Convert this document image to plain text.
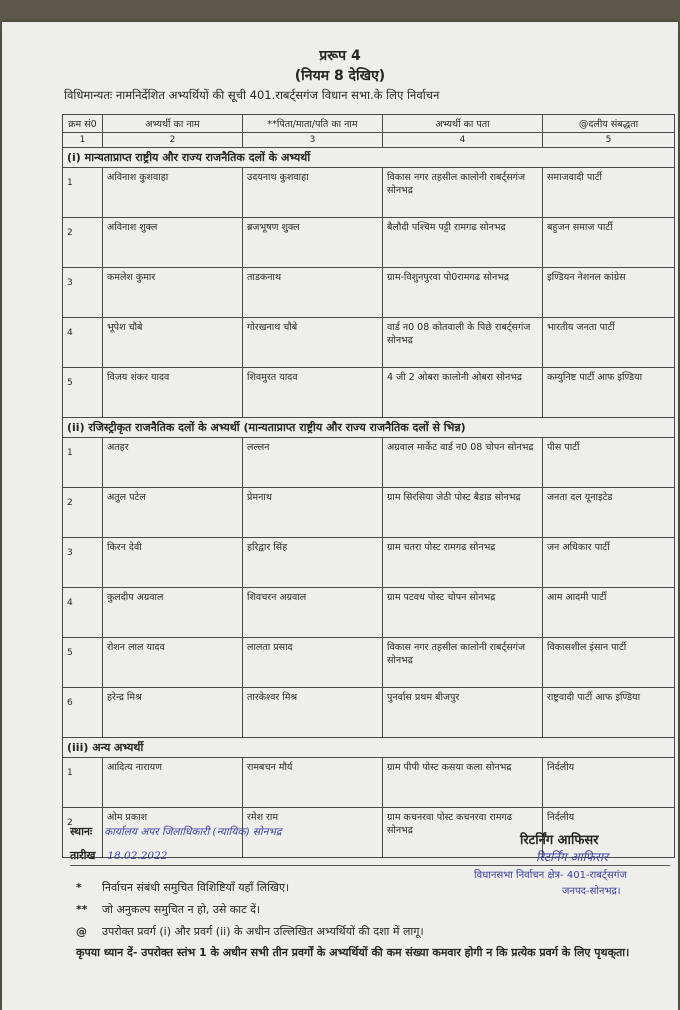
प्ररूप 4
(नियम 8 देखिए)
विधिमान्यतः नामनिर्देशित अभ्यर्थियों की सूची 401.राबर्ट्सगंज विधान सभा.के लिए निर्वाचन
क्रम सं0	अभ्यर्थी का नाम	**पिता/माता/पति का नाम	अभ्यर्थी का पता	@दलीय संबद्धता
1	2	3	4	5
(i) मान्यताप्राप्त राष्ट्रीय और राज्य राजनैतिक दलों के अभ्यर्थी				
1	अविनाश कुशवाहा	उदयनाथ कुशवाहा	विकास नगर तहसील कालोनी राबर्ट्सगंज सोनभद्र	समाजवादी पार्टी
2	अविनाश शुक्ल	ब्रजभूषण शुक्ल	बैलौदी पश्चिम पट्टी रामगढ सोनभद्र	बहुजन समाज पार्टी
3	कमलेश कुमार	ताडकनाथ	ग्राम-विशुनपुरवा पो0रामगढ सोनभद्र	इण्डियन नेशनल कांग्रेस
4	भूपेश चौबे	गोरखनाथ चौबे	वार्ड न0 08 कोतवाली के पिछे राबर्ट्सगंज सोनभद्र	भारतीय जनता पार्टी
5	विजय शंकर यादव	शिवमुरत यादव	4 जी 2 ओबरा कालोनी ओबरा सोनभद्र	कम्युनिष्ट पार्टी आफ इण्डिया
(ii) रजिस्ट्रीकृत राजनैतिक दलों के अभ्यर्थी (मान्यताप्राप्त राष्ट्रीय और राज्य राजनैतिक दलों से भिन्न)				
1	अतहर	लल्लन	अग्रवाल मार्केट वार्ड न0 08 चोपन सोनभद्र	पीस पार्टी
2	अतुल पटेल	प्रेमनाथ	ग्राम सिरसिया जेठी पोस्ट बैडाड सोनभद्र	जनता दल यूनाइटेड
3	किरन देवी	हरिद्वार सिंह	ग्राम चतरा पोस्ट रामगढ सोनभद्र	जन अधिकार पार्टी
4	कुलदीप अग्रवाल	शिवचरन अग्रवाल	ग्राम पटवध पोस्ट चोपन सोनभद्र	आम आदमी पार्टी
5	रोशन लाल यादव	लालता प्रसाद	विकास नगर तहसील कालोनी राबर्ट्सगंज सोनभद्र	विकासशील इंसान पार्टी
6	हरेन्द्र मिश्र	तारकेश्वर मिश्र	पुनर्वास प्रथम बीजपुर	राष्ट्रवादी पार्टी आफ इण्डिया
(iii) अन्य अभ्यर्थी				
1	आदित्य नारायण	रामबचन मौर्य	ग्राम पीपी पोस्ट कसया कला सोनभद्र	निर्दलीय
2	ओम प्रकाश	रमेश राम	ग्राम कचनरवा पोस्ट कचनरवा रामगढ सोनभद्र	निर्दलीय
स्थानः कार्यालय अपर जिलाधिकारी (न्यायिक) सोनभद्र
तारीख 18.02.2022
रिटर्निंग आफिसर
रिटर्निंग आफिसर
विधानसभा निर्वाचन क्षेत्र- 401-राबर्ट्सगंज
जनपद-सोनभद्र।
* निर्वाचन संबंधी समुचित विशिष्टियॉं यहॉं लिखिए।
** जो अनुकल्प समुचित न हो, उसे काट दें।
@ उपरोक्त प्रवर्ग (i) और प्रवर्ग (ii) के अधीन उल्लिखित अभ्यर्थियों की दशा में लागू।
कृपया ध्यान दें- उपरोक्त स्तंभ 1 के अधीन सभी तीन प्रवर्गों के अभ्यर्थियों की कम संख्या कमवार होगी न कि प्रत्येक प्रवर्ग के लिए पृथक्‌ता।
